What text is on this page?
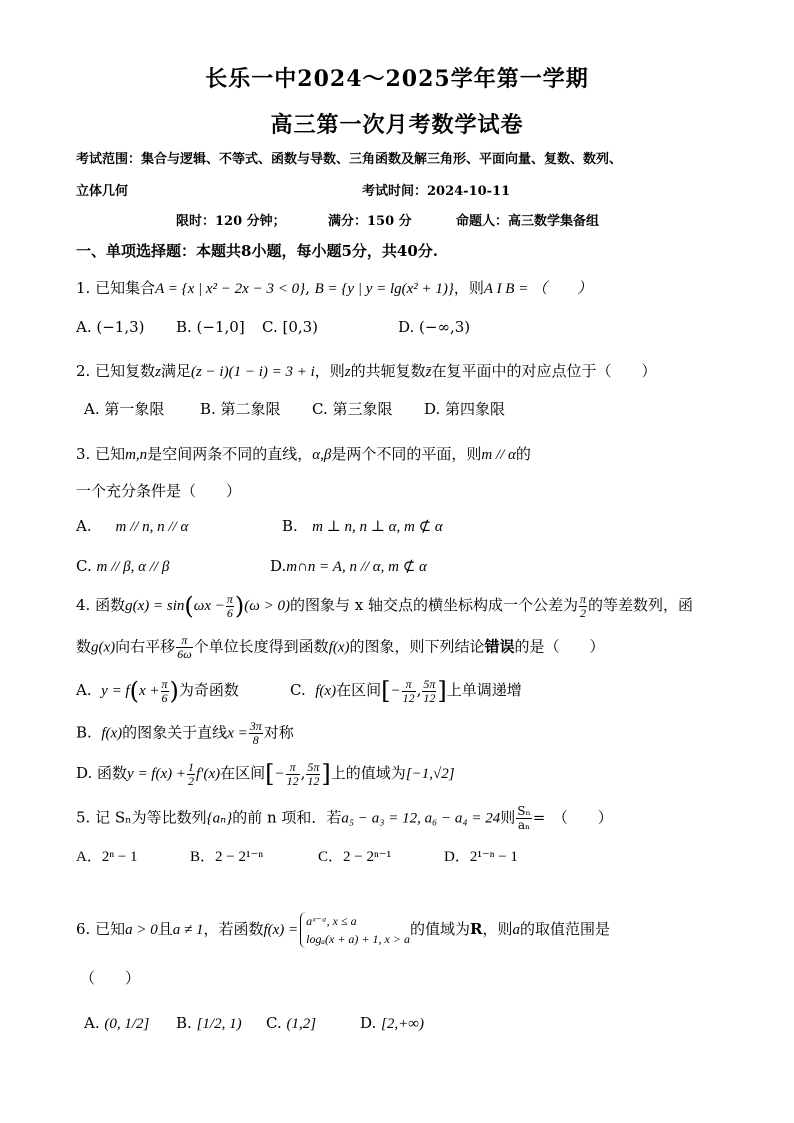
长乐一中2024～2025学年第一学期
高三第一次月考数学试卷
考试范围：集合与逻辑、不等式、函数与导数、三角函数及解三角形、平面向量、复数、数列、
立体几何	考试时间：2024-10-11
限时：120 分钟；	满分：150 分	命题人：高三数学集备组
一、单项选择题：本题共8小题，每小题5分，共40分.
1. 已知集合A = {x | x² − 2x − 3 < 0}, B = {y | y = lg(x² + 1)}，则A I B = （　　）
A. (−1,3) B. (−1,0] C. [0,3)	D. (−∞,3)
2. 已知复数z满足(z − i)(1 − i) = 3 + i，则z的共轭复数z̄在复平面中的对应点位于（　　）
A. 第一象限 B. 第二象限 C. 第三象限 D. 第四象限
3. 已知m,n是空间两条不同的直线，α,β是两个不同的平面，则m // α的
一个充分条件是（　　）
A. m // n, n // α	B. m ⊥ n, n ⊥ α, m ⊄ α
C. m // β, α // β	D.m∩n = A, n // α, m ⊄ α
4. 函数$g(x) = \sin(\omega x - \frac{\pi}{6} )(\omega > 0)$的图象与 x 轴交点的横坐标构成一个公差为 $\frac{\pi}{2}$ 的等差数列，函
数g(x)向右平移 $\frac{\pi}{6\omega}$ 个单位长度得到函数f(x)的图象，则下列结论错误的是（　　）
A. $y = f(x + \frac{\pi}{6}$ )为奇函数	C. f(x)在区间[− $\frac{\pi}{12}$ , $\frac{5\pi}{12}$ ]上单调递增
B. f(x)的图象关于直线$x = \frac{3\pi}{8}$ 对称
D. 函数$y = f(x) + \frac{1}{2} f'(x)$在区间[− $\frac{\pi}{12}$ , $\frac{5\pi}{12}$ ]上的值域为[−1,√2]
5. 记 Sₙ为等比数列{aₙ}的前 n 项和．若a₅ − a₃ = 12, a₆ − a₄ = 24则 $\frac{\text{Sₙ}}{\text{aₙ}}$ =　（　　）
A．2ⁿ − 1	B．2 − 2¹⁻ⁿ	C．2 − 2ⁿ⁻¹	D．2¹⁻ⁿ − 1
6. 已知a > 0且a ≠ 1，若函数f(x) =
aˣ⁻ᵃ, x ≤ a
logₐ(x + a) + 1, x > a
的值域为R，则a的取值范围是
（　　）
A. (0, 1/2] B. [1/2, 1) C. (1,2]	D. [2,+∞)
